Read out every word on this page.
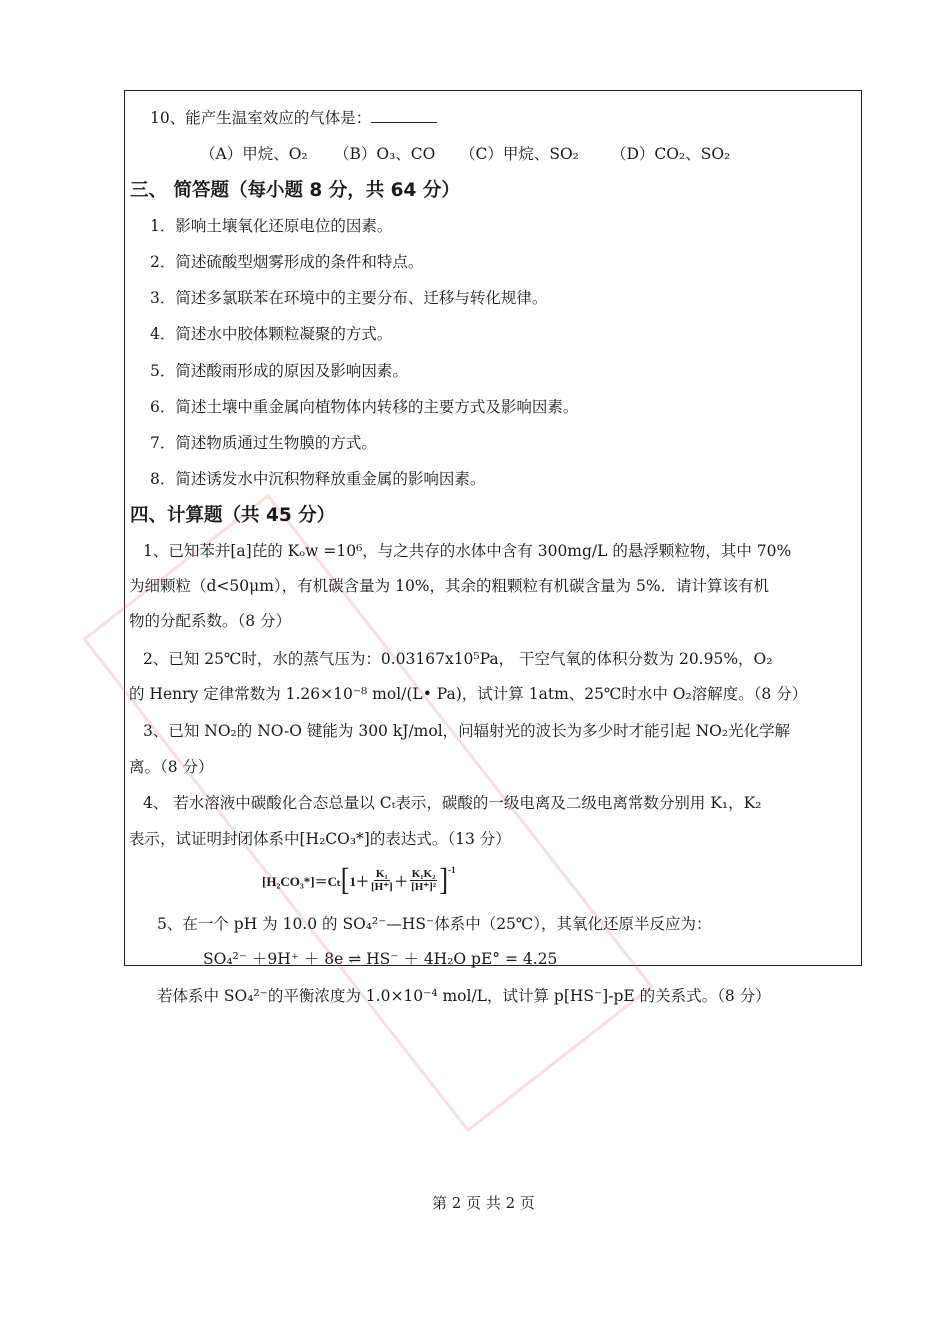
10、能产生温室效应的气体是：
（A）甲烷、O₂ （B）O₃、CO （C）甲烷、SO₂ （D）CO₂、SO₂
三、 简答题（每小题 8 分，共 64 分）
1．影响土壤氧化还原电位的因素。
2．简述硫酸型烟雾形成的条件和特点。
3．简述多氯联苯在环境中的主要分布、迁移与转化规律。
4．简述水中胶体颗粒凝聚的方式。
5．简述酸雨形成的原因及影响因素。
6．简述土壤中重金属向植物体内转移的主要方式及影响因素。
7．简述物质通过生物膜的方式。
8．简述诱发水中沉积物释放重金属的影响因素。
四、计算题（共 45 分）
1、已知苯并[a]芘的 Kₒw =10⁶，与之共存的水体中含有 300mg/L 的悬浮颗粒物，其中 70%
为细颗粒（d<50μm），有机碳含量为 10%，其余的粗颗粒有机碳含量为 5%．请计算该有机
物的分配系数。（8 分）
2、已知 25℃时，水的蒸气压为：0.03167x10⁵Pa， 干空气氧的体积分数为 20.95%，O₂
的 Henry 定律常数为 1.26×10⁻⁸ mol/(L• Pa)，试计算 1atm、25℃时水中 O₂溶解度。（8 分）
3、已知 NO₂的 NO-O 键能为 300 kJ/mol，问辐射光的波长为多少时才能引起 NO₂光化学解
离。（8 分）
4、 若水溶液中碳酸化合态总量以 Cₜ表示，碳酸的一级电离及二级电离常数分别用 K₁，K₂
表示，试证明封闭体系中[H₂CO₃*]的表达式。（13 分）
[H₂CO₃*]＝Cₜ [ $1+ \frac{\text{K₁}}{[H^+]} + \frac{\text{K₁K₂}}{\text{[H⁺]²}} ]^{-1}$
5、在一个 pH 为 10.0 的 SO₄²⁻—HS⁻体系中（25℃），其氧化还原半反应为：
SO₄²⁻ ＋9H⁺ ＋ 8e ⇌ HS⁻ ＋ 4H₂O pE° = 4.25
若体系中 SO₄²⁻的平衡浓度为 1.0×10⁻⁴ mol/L，试计算 p[HS⁻]-pE 的关系式。（8 分）
第 2 页 共 2 页
